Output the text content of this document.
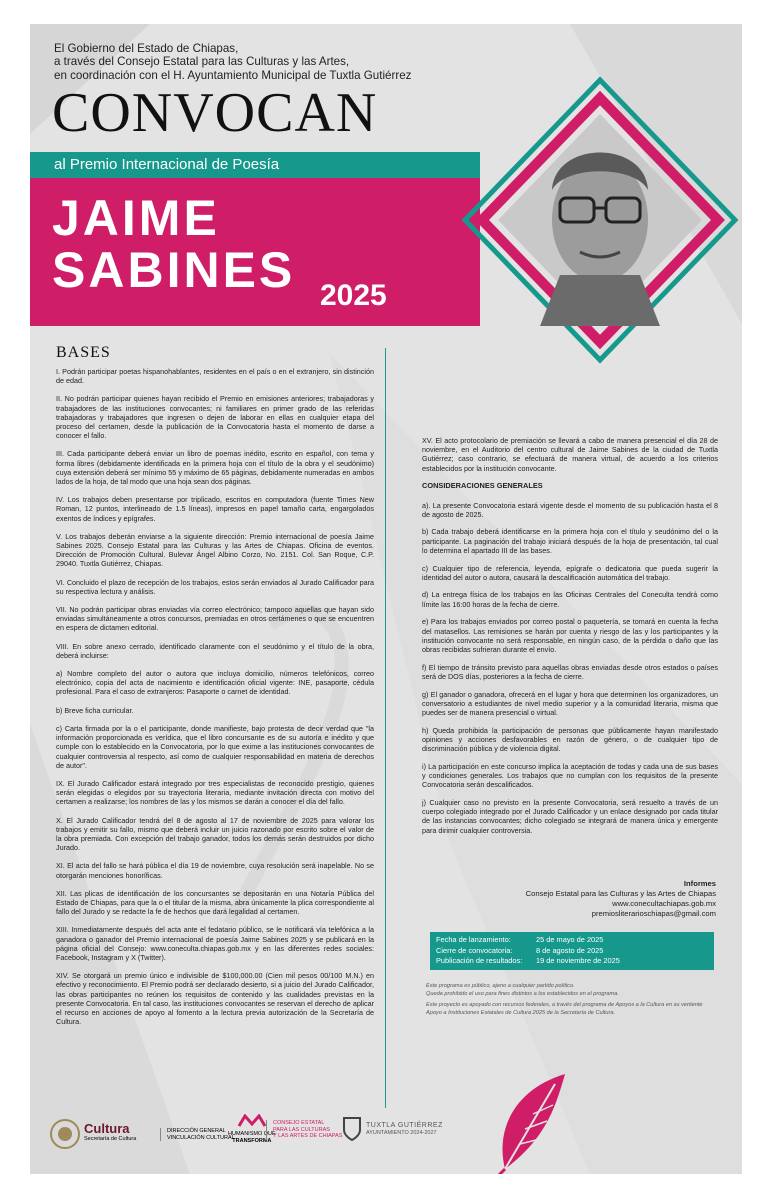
El Gobierno del Estado de Chiapas,
a través del Consejo Estatal para las Culturas y las Artes,
en coordinación con el H. Ayuntamiento Municipal de Tuxtla Gutiérrez
CONVOCAN
al Premio Internacional de Poesía
JAIME
SABINES 2025
BASES

I. Podrán participar poetas hispanohablantes, residentes en el país o en el extranjero, sin distinción de edad.

II. No podrán participar quienes hayan recibido el Premio en emisiones anteriores; trabajadoras y trabajadores de las instituciones convocantes; ni familiares en primer grado de las referidas trabajadoras y trabajadores que ingresen o dejen de laborar en ellas en cualquier etapa del proceso del certamen, desde la publicación de la Convocatoria hasta el momento de darse a conocer el fallo.

III. Cada participante deberá enviar un libro de poemas inédito, escrito en español, con tema y forma libres (debidamente identificada en la primera hoja con el título de la obra y el seudónimo) cuya extensión deberá ser mínimo 55 y máximo de 65 páginas, debidamente numeradas en ambos lados de la hoja, de tal modo que una hoja sean dos páginas.

IV. Los trabajos deben presentarse por triplicado, escritos en computadora (fuente Times New Roman, 12 puntos, interlineado de 1.5 líneas), impresos en papel tamaño carta, engargolados exentos de índices y epígrafes.

V. Los trabajos deberán enviarse a la siguiente dirección: Premio internacional de poesía Jaime Sabines 2025. Consejo Estatal para las Culturas y las Artes de Chiapas. Oficina de eventos. Dirección de Promoción Cultural. Bulevar Ángel Albino Corzo, No. 2151. Col. San Roque, C.P. 29040. Tuxtla Gutiérrez, Chiapas.

VI. Concluido el plazo de recepción de los trabajos, estos serán enviados al Jurado Calificador para su respectiva lectura y análisis.

VII. No podrán participar obras enviadas vía correo electrónico; tampoco aquellas que hayan sido enviadas simultáneamente a otros concursos, premiadas en otros certámenes o que se encuentren en espera de dictamen editorial.

VIII. En sobre anexo cerrado, identificado claramente con el seudónimo y el título de la obra, deberá incluirse:

a) Nombre completo del autor o autora que incluya domicilio, números telefónicos, correo electrónico, copia del acta de nacimiento e identificación oficial vigente: INE, pasaporte, cédula profesional. Para el caso de extranjeros: Pasaporte o carnet de identidad.

b) Breve ficha curricular.

c) Carta firmada por la o el participante, donde manifieste, bajo protesta de decir verdad que "la información proporcionada es verídica, que el libro concursante es de su autoría e inédito y que cumple con lo establecido en la Convocatoria, por lo que exime a las instituciones convocantes de cualquier controversia al respecto, así como de cualquier responsabilidad en materia de derechos de autor".

IX. El Jurado Calificador estará integrado por tres especialistas de reconocido prestigio, quienes serán elegidas o elegidos por su trayectoria literaria, mediante invitación directa con motivo del certamen a realizarse; los nombres de las y los mismos se darán a conocer el día del fallo.

X. El Jurado Calificador tendrá del 8 de agosto al 17 de noviembre de 2025 para valorar los trabajos y emitir su fallo, mismo que deberá incluir un juicio razonado por escrito sobre el valor de la obra premiada. Con excepción del trabajo ganador, todos los demás serán destruidos por dicho Jurado.

XI. El acta del fallo se hará pública el día 19 de noviembre, cuya resolución será inapelable. No se otorgarán menciones honoríficas.

XII. Las plicas de identificación de los concursantes se depositarán en una Notaría Pública del Estado de Chiapas, para que la o el titular de la misma, abra únicamente la plica correspondiente al fallo del Jurado y se redacte la fe de hechos que dará legalidad al certamen.

XIII. Inmediatamente después del acta ante el fedatario público, se le notificará vía telefónica a la ganadora o ganador del Premio internacional de poesía Jaime Sabines 2025 y se publicará en la página oficial del Consejo: www.coneculta.chiapas.gob.mx y en las diferentes redes sociales: Facebook, Instagram y X (Twitter).

XIV. Se otorgará un premio único e indivisible de $100,000.00 (Cien mil pesos 00/100 M.N.) en efectivo y reconocimiento. El Premio podrá ser declarado desierto, si a juicio del Jurado Calificador, las obras participantes no reúnen los requisitos de contenido y las cualidades previstas en la presente Convocatoria. En tal caso, las instituciones convocantes se reservan el derecho de aplicar el recurso en acciones de apoyo al fomento a la lectura previa autorización de la Secretaría de Cultura.

XV. El acto protocolario de premiación se llevará a cabo de manera presencial el día 28 de noviembre, en el Auditorio del centro cultural de Jaime Sabines de la ciudad de Tuxtla Gutiérrez; caso contrario, se efectuará de manera virtual, de acuerdo a los criterios establecidos por la institución convocante.

CONSIDERACIONES GENERALES

a). La presente Convocatoria estará vigente desde el momento de su publicación hasta el 8 de agosto de 2025.

b) Cada trabajo deberá identificarse en la primera hoja con el título y seudónimo del o la participante. La paginación del trabajo iniciará después de la hoja de presentación, tal cual lo determina el apartado III de las bases.

c) Cualquier tipo de referencia, leyenda, epígrafe o dedicatoria que pueda sugerir la identidad del autor o autora, causará la descalificación automática del trabajo.

d) La entrega física de los trabajos en las Oficinas Centrales del Coneculta tendrá como límite las 16:00 horas de la fecha de cierre.

e) Para los trabajos enviados por correo postal o paquetería, se tomará en cuenta la fecha del matasellos. Las remisiones se harán por cuenta y riesgo de las y los participantes y la institución convocante no será responsable, en ningún caso, de la pérdida o daño que las obras recibidas sufrieran durante el envío.

f) El tiempo de tránsito previsto para aquellas obras enviadas desde otros estados o países será de DOS días, posteriores a la fecha de cierre.

g) El ganador o ganadora, ofrecerá en el lugar y hora que determinen los organizadores, un conversatorio a estudiantes de nivel medio superior y a la comunidad literaria, misma que puedes ser de manera presencial o virtual.

h) Queda prohibida la participación de personas que públicamente hayan manifestado opiniones y acciones desfavorables en razón de género, o de cualquier tipo de discriminación pública y de violencia digital.

i) La participación en este concurso implica la aceptación de todas y cada una de sus bases y condiciones generales. Los trabajos que no cumplan con los requisitos de la presente Convocatoria serán descalificados.

j) Cualquier caso no previsto en la presente Convocatoria, será resuelto a través de un cuerpo colegiado integrado por el Jurado Calificador y un enlace designado por cada titular de las instancias convocantes; dicho colegiado se integrará de manera única y emergente para dirimir cualquier controversia.

Informes
Consejo Estatal para las Culturas y las Artes de Chiapas
www.conecultachiapas.gob.mx
premiosliterarioschiapas@gmail.com
Fecha de lanzamiento:	25 de mayo de 2025
Cierre de convocatoria:	8 de agosto de 2025
Publicación de resultados:	19 de noviembre de 2025
Este programa es público, ajeno a cualquier partido político.
Queda prohibido el uso para fines distintos a los establecidos en el programa.
Este proyecto es apoyado con recursos federales, a través del programa de Apoyos a la Cultura en su vertiente Apoyo a Instituciones Estatales de Cultura 2025 de la Secretaría de Cultura.
Cultura
Secretaría de Cultura
DIRECCIÓN GENERAL
VINCULACIÓN CULTURAL
HUMANISMO QUE
TRANSFORMA
CONSEJO ESTATAL
PARA LAS CULTURAS
Y LAS ARTES DE CHIAPAS
TUXTLA GUTIÉRREZ
AYUNTAMIENTO 2024-2027
